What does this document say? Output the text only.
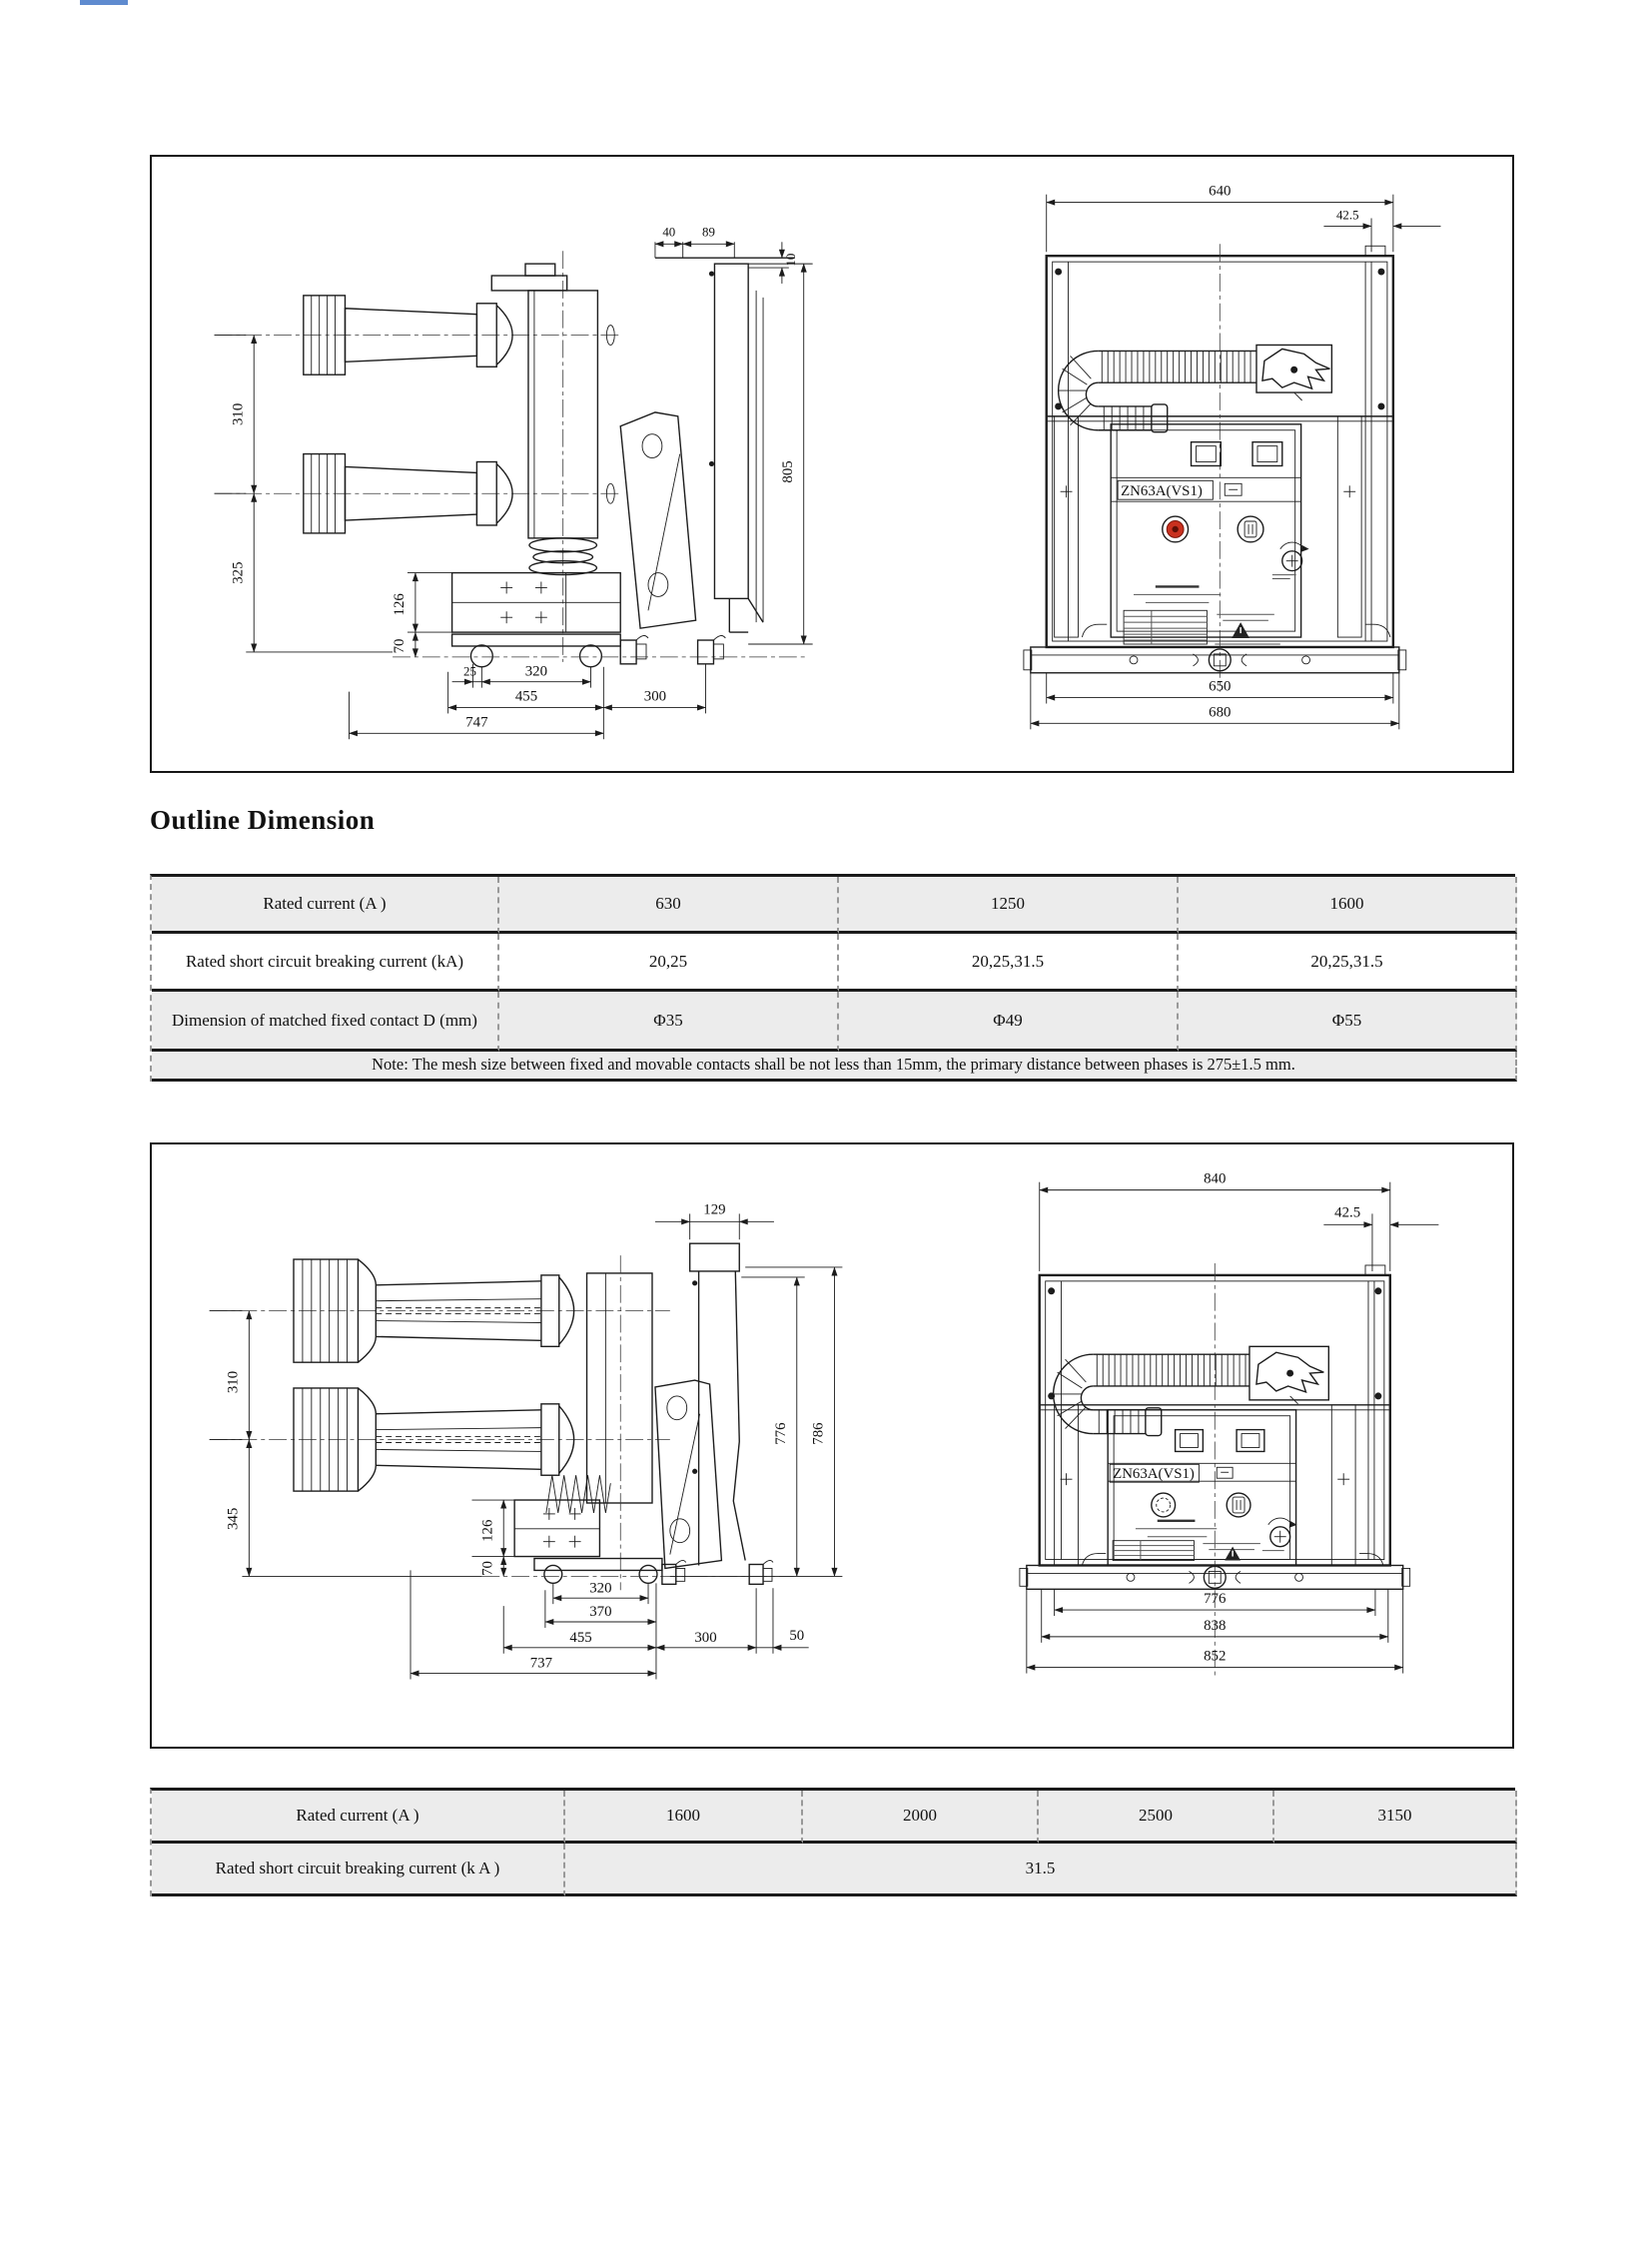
40 89
10
805
310
325
126
70
25	320
455	300
747
640
42.5
ZN63A(VS1)
650
680
Outline Dimension
Rated current (A )	630	1250	1600
Rated short circuit breaking current (kA)	20,25	20,25,31.5	20,25,31.5
Dimension of matched fixed contact D (mm)	Φ35	Φ49	Φ55
Note: The mesh size between fixed and movable contacts shall be not less than 15mm, the primary distance between phases is 275±1.5 mm.
129
310
345
126
70
320
370
455	300	50
737
776 786
840
42.5
ZN63A(VS1)
776
838
852
Rated current (A )	1600	2000	2500	3150
Rated short circuit breaking current (k A )	31.5
